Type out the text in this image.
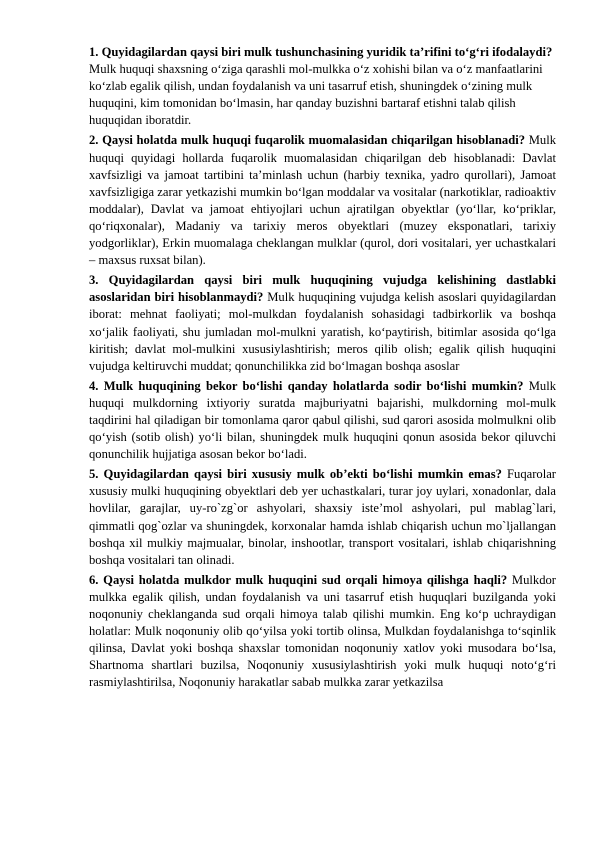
1. Quyidagilardan qaysi biri mulk tushunchasining yuridik ta’rifini to‘g‘ri ifodalaydi? Mulk huquqi shaxsning o‘ziga qarashli mol-mulkka o‘z xohishi bilan va o‘z manfaatlarini ko‘zlab egalik qilish, undan foydalanish va uni tasarruf etish, shuningdek o‘zining mulk huquqini, kim tomonidan bo‘lmasin, har qanday buzishni bartaraf etishni talab qilish huquqidan iboratdir.

2. Qaysi holatda mulk huquqi fuqarolik muomalasidan chiqarilgan hisoblanadi? Mulk huquqi quyidagi hollarda fuqarolik muomalasidan chiqarilgan deb hisoblanadi: Davlat xavfsizligi va jamoat tartibini ta’minlash uchun (harbiy texnika, yadro qurollari), Jamoat xavfsizligiga zarar yetkazishi mumkin bo‘lgan moddalar va vositalar (narkotiklar, radioaktiv moddalar), Davlat va jamoat ehtiyojlari uchun ajratilgan obyektlar (yo‘llar, ko‘priklar, qo‘riqxonalar), Madaniy va tarixiy meros obyektlari (muzey eksponatlari, tarixiy yodgorliklar), Erkin muomalaga cheklangan mulklar (qurol, dori vositalari, yer uchastkalari – maxsus ruxsat bilan).

3. Quyidagilardan qaysi biri mulk huquqining vujudga kelishining dastlabki asoslaridan biri hisoblanmaydi? Mulk huquqining vujudga kelish asoslari quyidagilardan iborat: mehnat faoliyati; mol-mulkdan foydalanish sohasidagi tadbirkorlik va boshqa xo‘jalik faoliyati, shu jumladan mol-mulkni yaratish, ko‘paytirish, bitimlar asosida qo‘lga kiritish; davlat mol-mulkini xususiylashtirish; meros qilib olish; egalik qilish huquqini vujudga keltiruvchi muddat; qonunchilikka zid bo‘lmagan boshqa asoslar

4. Mulk huquqining bekor bo‘lishi qanday holatlarda sodir bo‘lishi mumkin? Mulk huquqi mulkdorning ixtiyoriy suratda majburiyatni bajarishi, mulkdorning mol-mulk taqdirini hal qiladigan bir tomonlama qaror qabul qilishi, sud qarori asosida molmulkni olib qo‘yish (sotib olish) yo‘li bilan, shuningdek mulk huquqini qonun asosida bekor qiluvchi qonunchilik hujjatiga asosan bekor bo‘ladi.

5. Quyidagilardan qaysi biri xususiy mulk ob’ekti bo‘lishi mumkin emas? Fuqarolar xususiy mulki huquqining obyektlari deb yer uchastkalari, turar joy uylari, xonadonlar, dala hovlilar, garajlar, uy-ro`zg`or ashyolari, shaxsiy iste’mol ashyolari, pul mablag`lari, qimmatli qog`ozlar va shuningdek, korxonalar hamda ishlab chiqarish uchun mo`ljallangan boshqa xil mulkiy majmualar, binolar, inshootlar, transport vositalari, ishlab chiqarishning boshqa vositalari tan olinadi.

6. Qaysi holatda mulkdor mulk huquqini sud orqali himoya qilishga haqli? Mulkdor mulkka egalik qilish, undan foydalanish va uni tasarruf etish huquqlari buzilganda yoki noqonuniy cheklanganda sud orqali himoya talab qilishi mumkin. Eng ko‘p uchraydigan holatlar: Mulk noqonuniy olib qo‘yilsa yoki tortib olinsa, Mulkdan foydalanishga to‘sqinlik qilinsa, Davlat yoki boshqa shaxslar tomonidan noqonuniy xatlov yoki musodara bo‘lsa, Shartnoma shartlari buzilsa, Noqonuniy xususiylashtirish yoki mulk huquqi noto‘g‘ri rasmiylashtirilsa, Noqonuniy harakatlar sabab mulkka zarar yetkazilsa
